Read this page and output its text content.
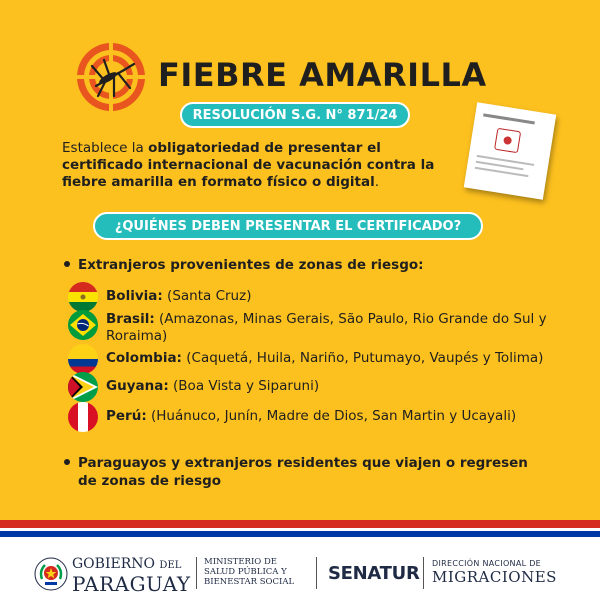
FIEBRE AMARILLA
RESOLUCIÓN S.G. N° 871/24

Establece la obligatoriedad de presentar el certificado internacional de vacunación contra la fiebre amarilla en formato físico o digital.

¿QUIÉNES DEBEN PRESENTAR EL CERTIFICADO?
Extranjeros provenientes de zonas de riesgo:
Bolivia: (Santa Cruz)
Brasil: (Amazonas, Minas Gerais, São Paulo, Rio Grande do Sul y Roraima)
Colombia: (Caquetá, Huila, Nariño, Putumayo, Vaupés y Tolima)
Guyana: (Boa Vista y Siparuni)
Perú: (Huánuco, Junín, Madre de Dios, San Martin y Ucayali)
Paraguayos y extranjeros residentes que viajen o regresen
de zonas de riesgo
GOBIERNO DEL
PARAGUAY
MINISTERIO DE
SALUD PÚBLICA Y
BIENESTAR SOCIAL SENATUR DIRECCIÓN NACIONAL DE
MIGRACIONES
